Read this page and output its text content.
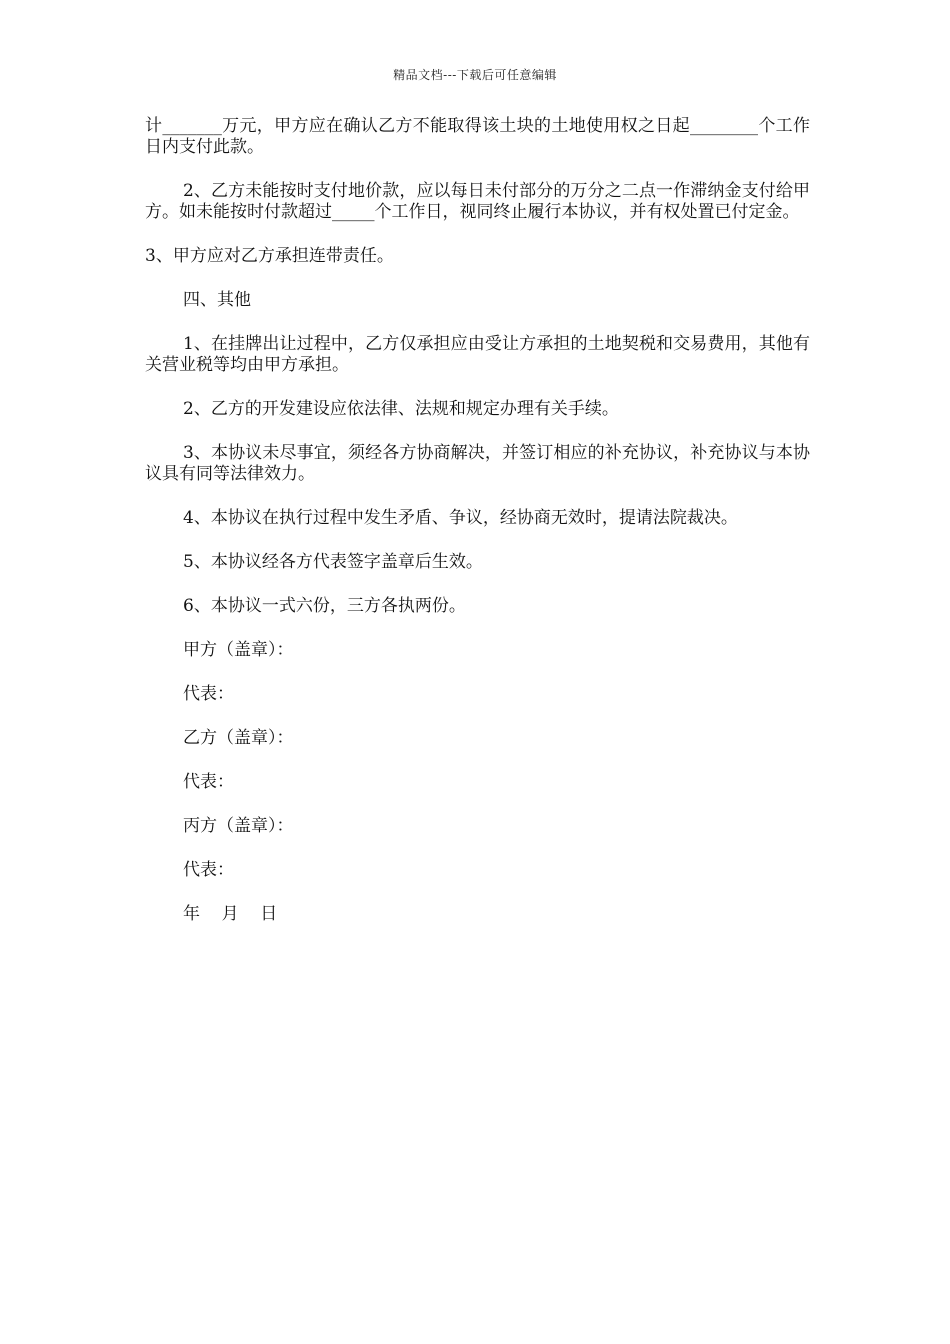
精品文档---下载后可任意编辑

计_______万元，甲方应在确认乙方不能取得该土块的土地使用权之日起________个工作日内支付此款。

2、乙方未能按时支付地价款，应以每日未付部分的万分之二点一作滞纳金支付给甲方。如未能按时付款超过_____个工作日，视同终止履行本协议，并有权处置已付定金。

3、甲方应对乙方承担连带责任。

四、其他

1、在挂牌出让过程中，乙方仅承担应由受让方承担的土地契税和交易费用，其他有关营业税等均由甲方承担。

2、乙方的开发建设应依法律、法规和规定办理有关手续。

3、本协议未尽事宜，须经各方协商解决，并签订相应的补充协议，补充协议与本协议具有同等法律效力。

4、本协议在执行过程中发生矛盾、争议，经协商无效时，提请法院裁决。

5、本协议经各方代表签字盖章后生效。

6、本协议一式六份，三方各执两份。

甲方（盖章）：
代表：
乙方（盖章）：
代表：
丙方（盖章）：
代表：
年    月    日
